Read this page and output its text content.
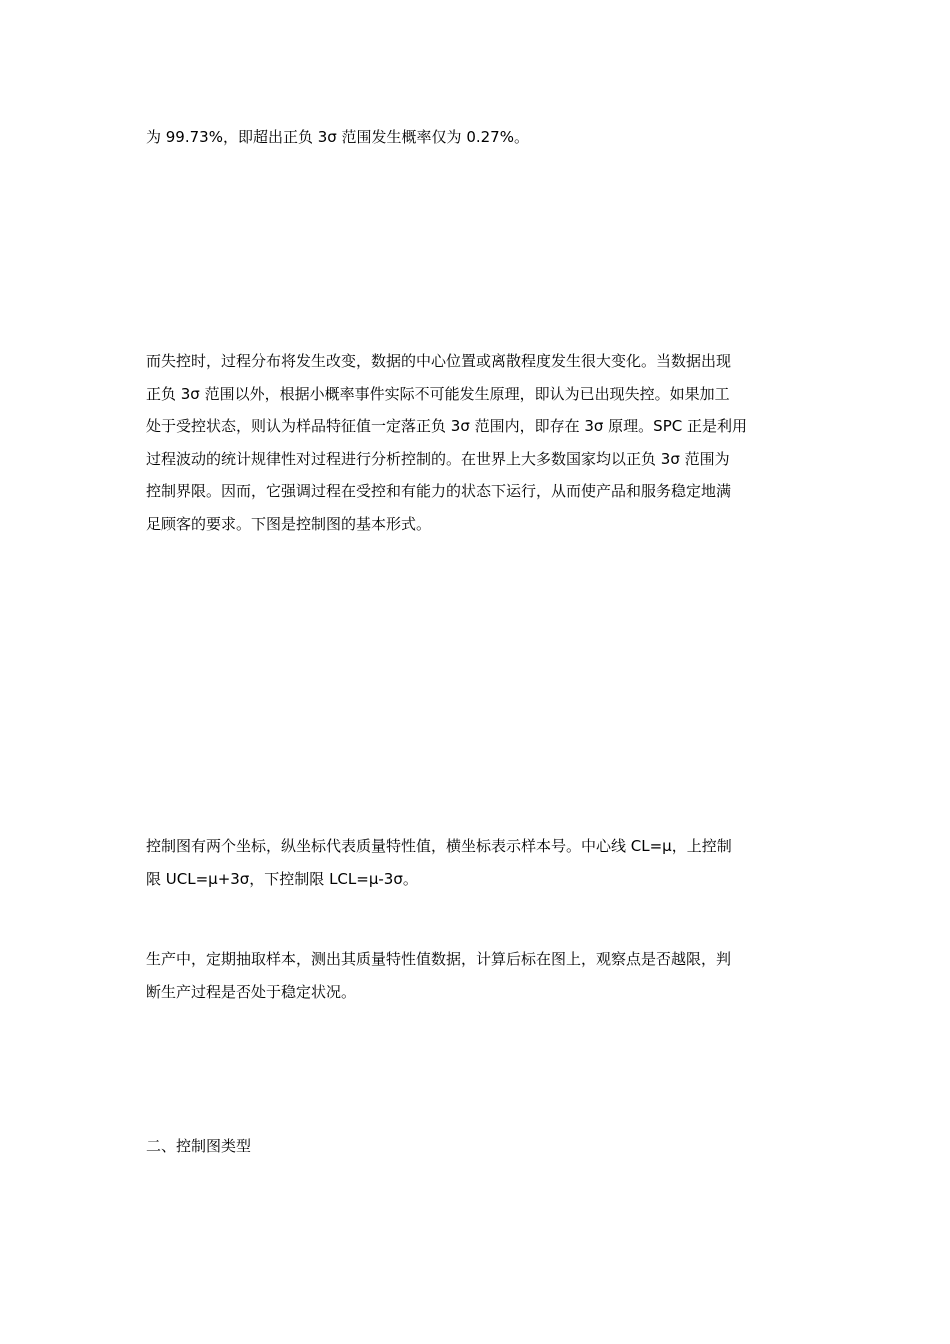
为 99.73%，即超出正负 3σ 范围发生概率仅为 0.27%。

而失控时，过程分布将发生改变，数据的中心位置或离散程度发生很大变化。当数据出现
正负 3σ 范围以外，根据小概率事件实际不可能发生原理，即认为已出现失控。如果加工
处于受控状态，则认为样品特征值一定落正负 3σ 范围内，即存在 3σ 原理。SPC 正是利用
过程波动的统计规律性对过程进行分析控制的。在世界上大多数国家均以正负 3σ 范围为
控制界限。因而，它强调过程在受控和有能力的状态下运行，从而使产品和服务稳定地满
足顾客的要求。下图是控制图的基本形式。

控制图有两个坐标，纵坐标代表质量特性值，横坐标表示样本号。中心线 CL=μ，上控制
限 UCL=μ+3σ，下控制限 LCL=μ-3σ。

生产中，定期抽取样本，测出其质量特性值数据，计算后标在图上，观察点是否越限，判
断生产过程是否处于稳定状况。

二、控制图类型
